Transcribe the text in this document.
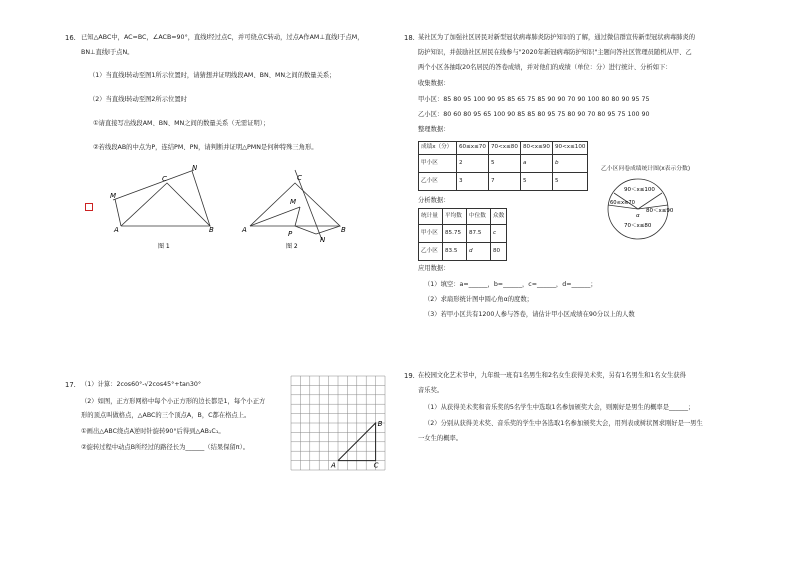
16. 已知△ABC中，AC=BC，∠ACB=90°，直线l经过点C，并可绕点C转动，过点A作AM⊥直线l于点M，
BN⊥直线l于点N。
（1）当直线l转动至图1所示位置时，请猜想并证明线段AM、BN、MN之间的数量关系；
（2）当直线l转动至图2所示位置时
①请直接写出线段AM、BN、MN之间的数量关系（无需证明）；
②若线段AB的中点为P，连结PM、PN，请判断并证明△PMN是何种特殊三角形。
M
C
N
A	B
图 1
C
M
A	B
P
N
图 2
17. （1）计算：2cos60°-√2cos45°+tan30°
（2）如图，正方形网格中每个小正方形的边长都是1，每个小正方
形的顶点叫做格点，△ABC的三个顶点A，B，C都在格点上。
①画出△ABC绕点A逆时针旋转90°后得到△AB₁C₁。
②旋转过程中动点B所经过的路径长为______（结果保留π）。
A
B
C
18. 某社区为了加强社区居民对新型冠状病毒肺炎防护知识的了解，通过微信群宣传新型冠状病毒肺炎的
防护知识，并鼓励社区居民在线参与"2020年新冠病毒防护知识"主题问答社区管理员随机从甲、乙
两个小区各抽取20名居民的答卷成绩，并对他们的成绩（单位：分）进行统计、分析如下：
收集数据：
甲小区：85 80 95 100 90 95 85 65 75 85 90 90 70 90 100 80 80 90 95 75
乙小区：80 60 80 95 65 100 90 85 85 80 95 75 80 90 70 80 95 75 100 90
整理数据：
成绩x（分）	60≤x≤70	70<x≤80	80<x≤90	90<x≤100
甲小区	2	5	a	b
乙小区	3	7	5	5
乙小区问卷成绩统计图(x表示分数)
90＜x≤100
80＜x≤90
70＜x≤80
60≤x≤70
α
分析数据：
统计量	平均数	中位数	众数
甲小区	85.75	87.5	c
乙小区	83.5	d	80
应用数据：
（1）填空：a=______，b=______，c=______，d=______；
（2）求扇形统计图中圆心角α的度数；
（3）若甲小区共有1200人参与答卷，请估计甲小区成绩在90分以上的人数
19. 在校园文化艺术节中，九年级一班有1名男生和2名女生获得美术奖，另有1名男生和1名女生获得
音乐奖。
（1）从获得美术奖和音乐奖的5名学生中选取1名参加颁奖大会，则刚好是男生的概率是______；
（2）分别从获得美术奖、音乐奖的学生中各选取1名参加颁奖大会，用列表或树状图求刚好是一男生
一女生的概率。
